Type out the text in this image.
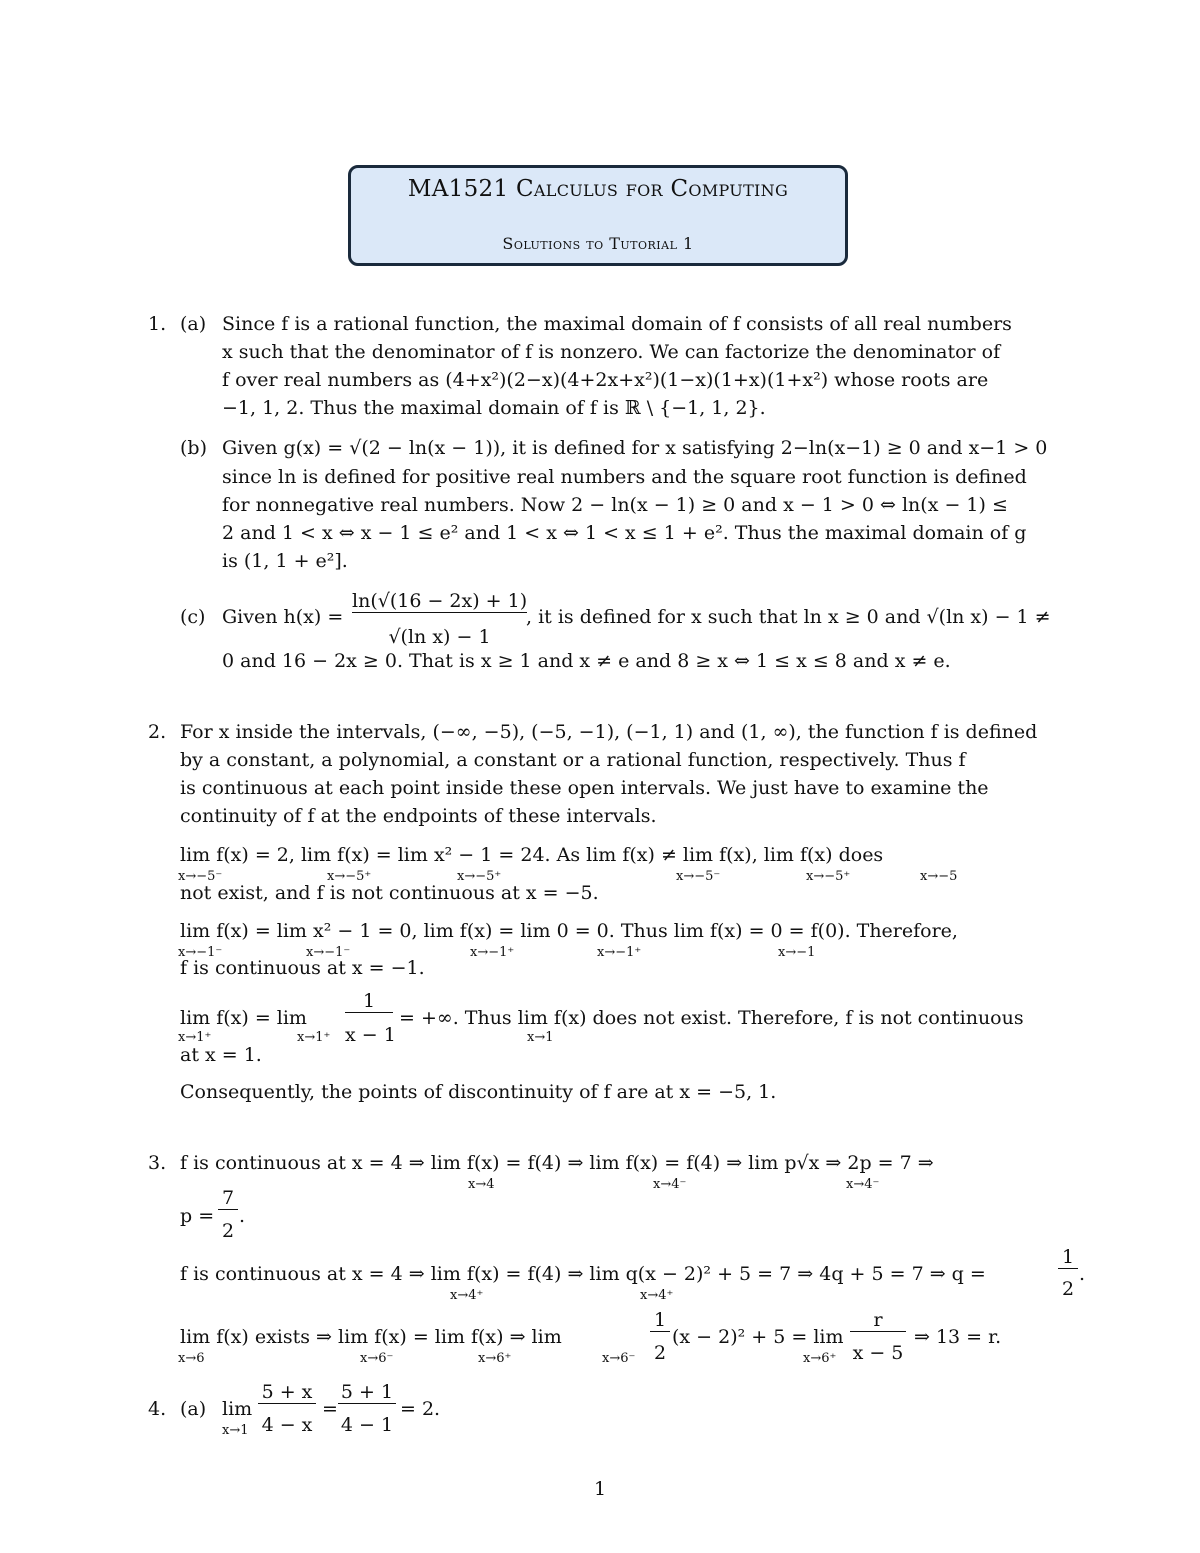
MA1521 Calculus for Computing
Solutions to Tutorial 1
1. (a) Since f is a rational function, the maximal domain of f consists of all real numbers
x such that the denominator of f is nonzero. We can factorize the denominator of
f over real numbers as (4+x²)(2−x)(4+2x+x²)(1−x)(1+x)(1+x²) whose roots are
−1, 1, 2. Thus the maximal domain of f is ℝ \ {−1, 1, 2}.
(b) Given g(x) = √(2 − ln(x − 1)), it is defined for x satisfying 2−ln(x−1) ≥ 0 and x−1 > 0
since ln is defined for positive real numbers and the square root function is defined
for nonnegative real numbers. Now 2 − ln(x − 1) ≥ 0 and x − 1 > 0 ⇔ ln(x − 1) ≤
2 and 1 < x ⇔ x − 1 ≤ e² and 1 < x ⇔ 1 < x ≤ 1 + e². Thus the maximal domain of g
is (1, 1 + e²].
(c) Given h(x) =
ln(√(16 − 2x) + 1)
√(ln x) − 1
, it is defined for x such that ln x ≥ 0 and √(ln x) − 1 ≠
0 and 16 − 2x ≥ 0. That is x ≥ 1 and x ≠ e and 8 ≥ x ⇔ 1 ≤ x ≤ 8 and x ≠ e.
2. For x inside the intervals, (−∞, −5), (−5, −1), (−1, 1) and (1, ∞), the function f is defined
by a constant, a polynomial, a constant or a rational function, respectively. Thus f
is continuous at each point inside these open intervals. We just have to examine the
continuity of f at the endpoints of these intervals.
lim f(x) = 2, lim f(x) = lim x² − 1 = 24. As lim f(x) ≠ lim f(x), lim f(x) does
x→−5⁻	x→−5⁺	x→−5⁺	x→−5⁻	x→−5⁺	x→−5
not exist, and f is not continuous at x = −5.
lim f(x) = lim x² − 1 = 0, lim f(x) = lim 0 = 0. Thus lim f(x) = 0 = f(0). Therefore,
x→−1⁻	x→−1⁻	x→−1⁺	x→−1⁺	x→−1
f is continuous at x = −1.
lim f(x) = lim
1
x − 1
= +∞. Thus lim f(x) does not exist. Therefore, f is not continuous
x→1⁺	x→1⁺	x→1
at x = 1.
Consequently, the points of discontinuity of f are at x = −5, 1.
3. f is continuous at x = 4 ⇒ lim f(x) = f(4) ⇒ lim f(x) = f(4) ⇒ lim p√x ⇒ 2p = 7 ⇒
x→4	x→4⁻	x→4⁻
p =
7
2
.
f is continuous at x = 4 ⇒ lim f(x) = f(4) ⇒ lim q(x − 2)² + 5 = 7 ⇒ 4q + 5 = 7 ⇒ q =
x→4⁺	x→4⁺
1
2
.
lim f(x) exists ⇒ lim f(x) = lim f(x) ⇒ lim
x→6	x→6⁻	x→6⁺	x→6⁻	x→6⁺
1
2
(x − 2)² + 5 = lim
r
x − 5
⇒ 13 = r.
4. (a) lim
x→1
5 + x
4 − x
=
5 + 1
4 − 1
= 2.
1
